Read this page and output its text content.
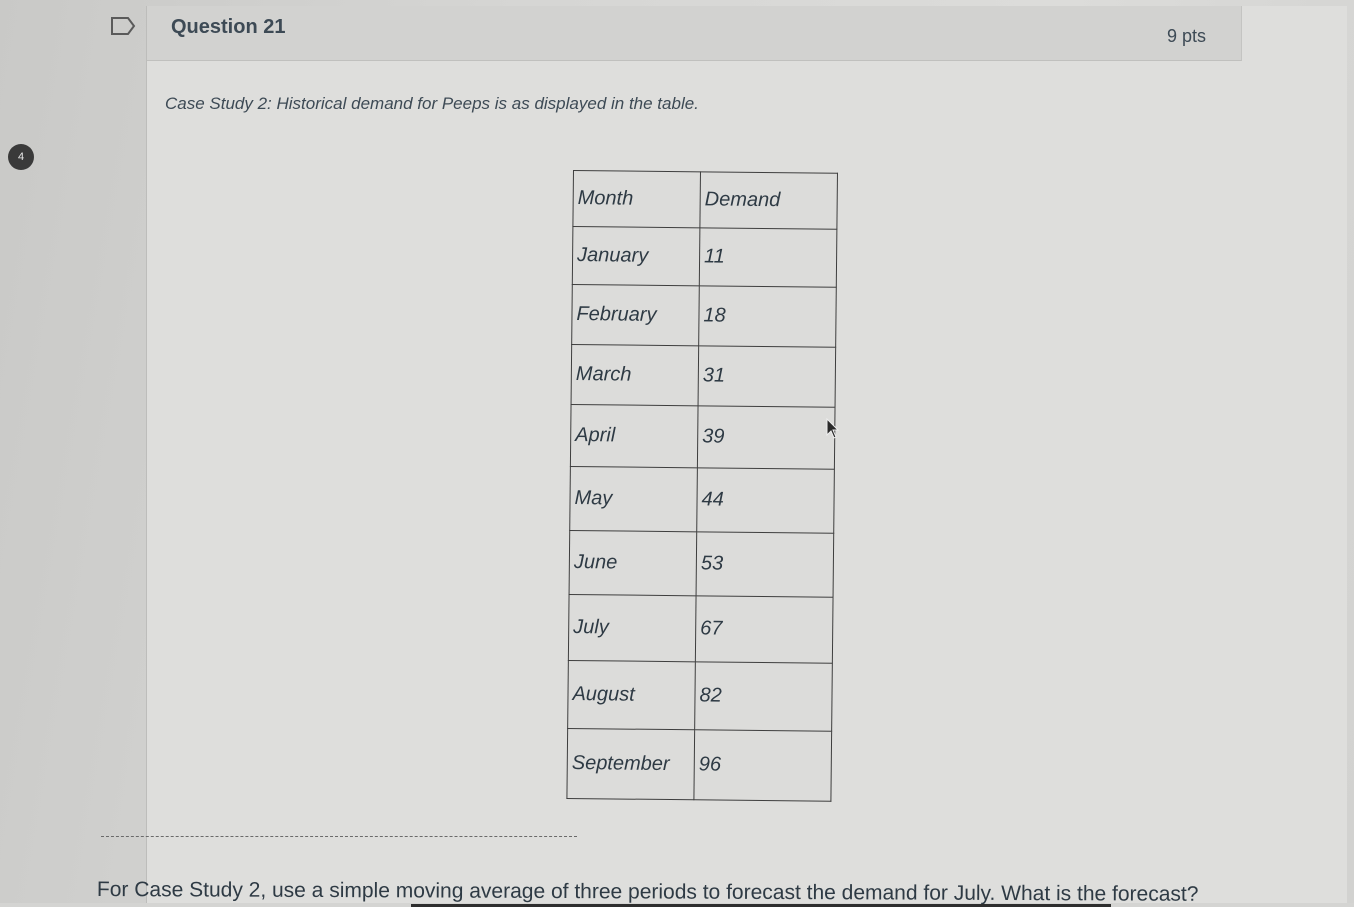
4
Question 21	9 pts
Case Study 2: Historical demand for Peeps is as displayed in the table.
Month	Demand
January	11
February	18
March	31
April	39
May	44
June	53
July	67
August	82
September	96
For Case Study 2, use a simple moving average of three periods to forecast the demand for July. What is the forecast?
